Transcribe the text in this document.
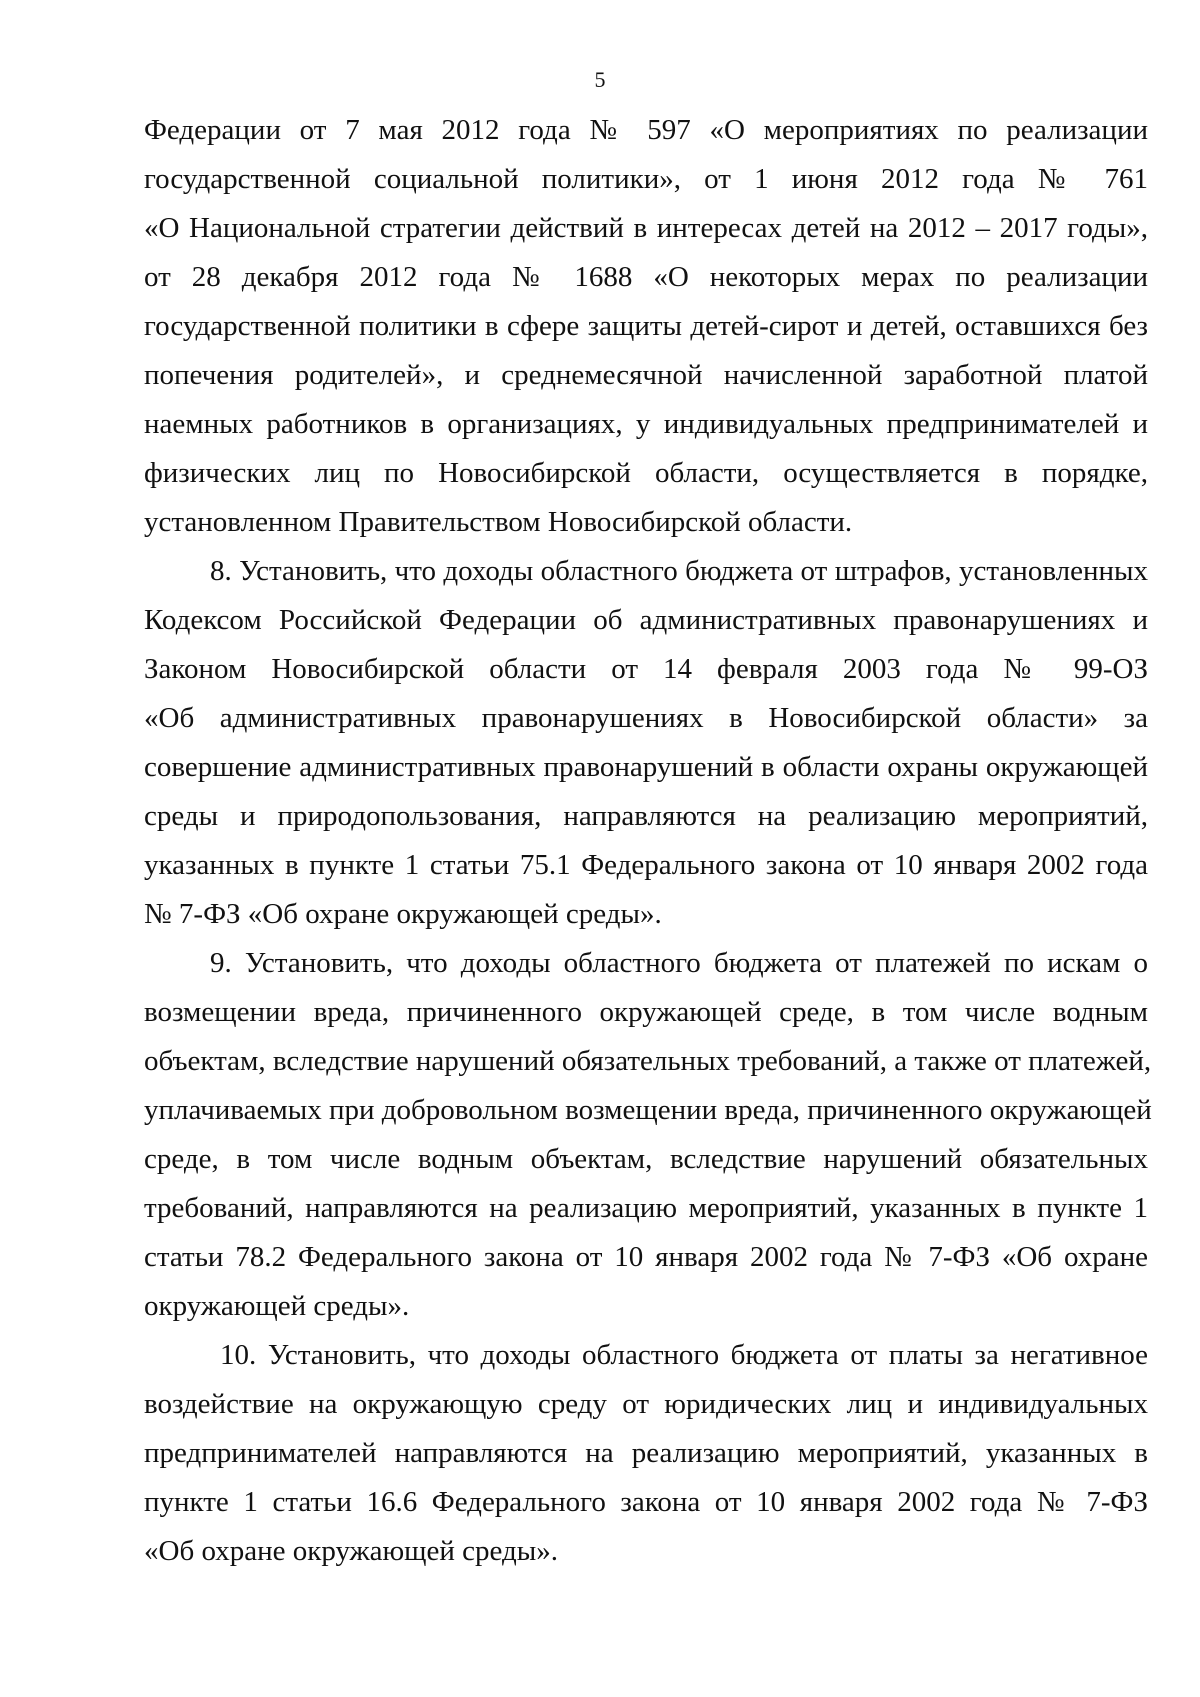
5

Федерации от 7 мая 2012 года № 597 «О мероприятиях по реализации
государственной социальной политики», от 1 июня 2012 года № 761
«О Национальной стратегии действий в интересах детей на 2012 – 2017 годы»,
от 28 декабря 2012 года № 1688 «О некоторых мерах по реализации
государственной политики в сфере защиты детей-сирот и детей, оставшихся без
попечения родителей», и среднемесячной начисленной заработной платой
наемных работников в организациях, у индивидуальных предпринимателей и
физических лиц по Новосибирской области, осуществляется в порядке,
установленном Правительством Новосибирской области.

8. Установить, что доходы областного бюджета от штрафов, установленных
Кодексом Российской Федерации об административных правонарушениях и
Законом Новосибирской области от 14 февраля 2003 года № 99-ОЗ
«Об административных правонарушениях в Новосибирской области» за
совершение административных правонарушений в области охраны окружающей
среды и природопользования, направляются на реализацию мероприятий,
указанных в пункте 1 статьи 75.1 Федерального закона от 10 января 2002 года
№ 7-ФЗ «Об охране окружающей среды».

9. Установить, что доходы областного бюджета от платежей по искам о
возмещении вреда, причиненного окружающей среде, в том числе водным
объектам, вследствие нарушений обязательных требований, а также от платежей,
уплачиваемых при добровольном возмещении вреда, причиненного окружающей
среде, в том числе водным объектам, вследствие нарушений обязательных
требований, направляются на реализацию мероприятий, указанных в пункте 1
статьи 78.2 Федерального закона от 10 января 2002 года № 7-ФЗ «Об охране
окружающей среды».

10. Установить, что доходы областного бюджета от платы за негативное
воздействие на окружающую среду от юридических лиц и индивидуальных
предпринимателей направляются на реализацию мероприятий, указанных в
пункте 1 статьи 16.6 Федерального закона от 10 января 2002 года № 7-ФЗ
«Об охране окружающей среды».
